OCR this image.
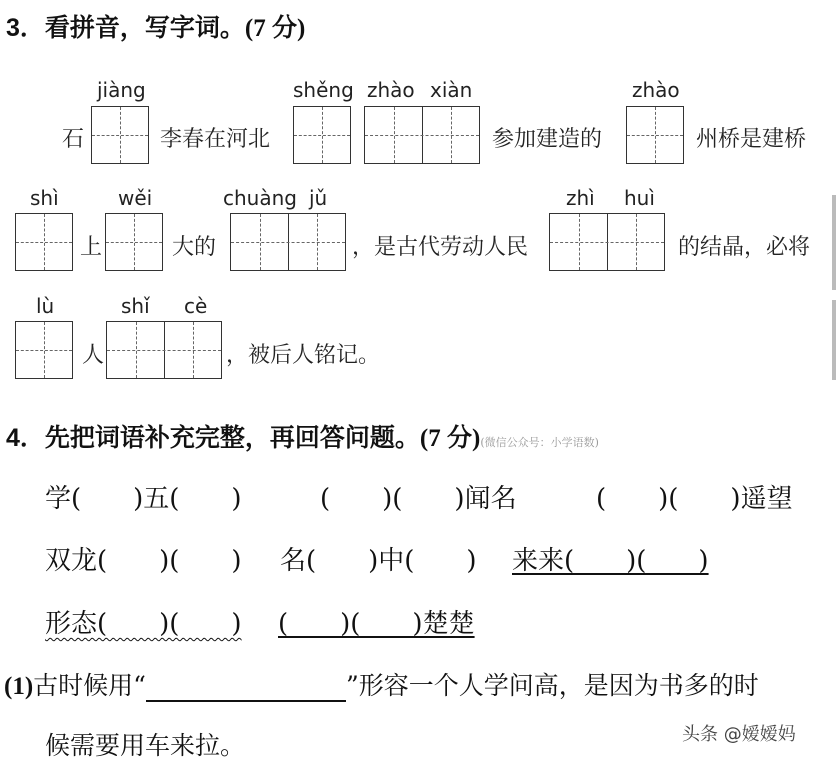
3．看拼音，写字词。(7 分)
石
jiàng
李春在河北
shěng zhào xiàn
参加建造的
zhào
州桥是建桥
shì
上
wěi
大的
chuàng jǔ
，是古代劳动人民
zhì huì
的结晶，必将
lù
人
shǐ cè
，被后人铭记。
4．先把词语补充完整，再回答问题。(7 分)(微信公众号：小学语数)
学(　　)五(　　)	(　　)(　　)闻名	(　　)(　　)遥望
双龙(　　)(　　) 名(　　)中(　　) 来来(　　)(　　)
形态(　　)(　　) (　　)(　　)楚楚
(1)古时候用“	”形容一个人学问高，是因为书多的时
候需要用车来拉。	头条 @嫒嫒妈
